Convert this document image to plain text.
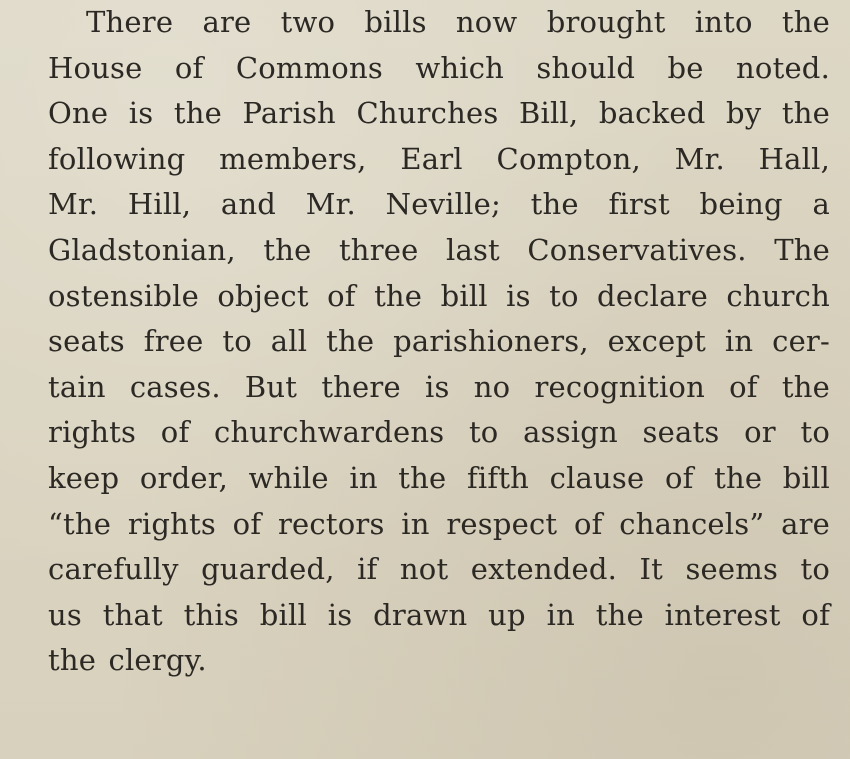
There are two bills now brought into the
House of Commons which should be noted.
One is the Parish Churches Bill, backed by the
following members, Earl Compton, Mr. Hall,
Mr. Hill, and Mr. Neville; the first being a
Gladstonian, the three last Conservatives. The
ostensible object of the bill is to declare church
seats free to all the parishioners, except in cer-
tain cases. But there is no recognition of the
rights of churchwardens to assign seats or to
keep order, while in the fifth clause of the bill
“the rights of rectors in respect of chancels” are
carefully guarded, if not extended. It seems to
us that this bill is drawn up in the interest of
the clergy.
